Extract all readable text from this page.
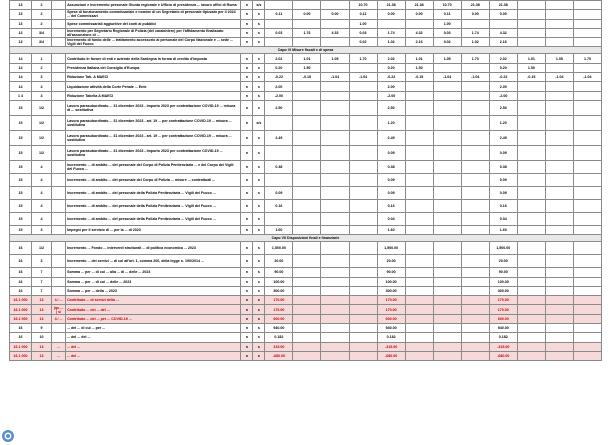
13	2		Assunzioni e incremento personale Giunta regionale e Ufficio di presidenza ... lavoro uffici di Roma	n	s/s				10.70	21.38	21.38	10.70	21.38	21.38			
13	2		Spese di funzionamento commissariale e nomine di un Segretario di personale tipizzato per il 2024 ... dei Commissari	n	s	0.11	0.00	0.00	0.11	0.00	0.00	0.11	0.00	0.00			
13	2		Spese commissariali aggiuntive del conti ai pubblici	n	s				1.00			1.00					
13	3/4		Incremento per Segretario Regionale di Polizia (del carabiniere) per l'affidamento finalizzato all'assunzione di ...	n	s	0.03	1.76	4.33	0.03	1.74	4.32	0.03	1.74	4.32			
13	3/4		Incremento di fondo delle ... trattamento accessorio al personale del Corpo Nazionale e ... sede ... Vigili del Fuoco	n	s				0.02	1.02	2.16	0.02	1.02	2.16			
Capo VI Misure fiscali e di spesa																	
14	1		Contributo in favore di enti e aziende della Sardegna in forma di credito d'imposta	n	s	2.02	1.01	1.05	1.70	2.02	1.01	1.05	1.70	2.02	1.01	1.05	1.70
14	2		Presidenza Italiana del Consiglio d'Europa	n	s	0.20	1.50			0.20	1.50			0.20	1.50		
14	3		Riduzione Tab. A MAECI	n	s	-0.22	-0.15	-1.04	-1.04	-0.22	-0.15	-1.04	-1.04	-0.22	-0.15	-1.04	-1.04
14	4		Liquidazione attività della Corte Penale ... Ente	n	s	2.00				2.00				2.00			
1 4	4		Riduzione Tabella A MAECI	n	s	-2.00				-2.00				-2.00			
15	1/2		Lavoro parasubordinato ... 31 dicembre 2023 - Importo 2023 per contrattazione COVID-19 ... misura di ... sostitutiva	n	s	2.50				2.50				2.50			
15	1/2		Lavoro parasubordinato ... 31 dicembre 2023 - art. 19 ... per contrattazione COVID-19 ... misura ... sostitutiva	n	s/s					1.20				1.20			
15	1/2		Lavoro parasubordinato ... 31 dicembre 2023 - art. 19 ... per contrattazione COVID-19 ... misura ... sostitutiva	n	s	2.49				2.49				2.49			
15	1/2		Lavoro parasubordinato ... 31 dicembre 2023 - Importo 2023 per contrattazione COVID-19 ... sostitutiva	n	s					0.09				0.09			
15	4		Incremento ... di ambito ... del personale del Corpo di Polizia Penitenziaria ... e del Corpo dei Vigili del Fuoco ...	n	s	0.38				0.38				0.38			
15	4		Incremento ... di ambito ... del personale del Corpo di Polizia ... misure ... contrattuali ...	n	s					0.09				0.09			
15	4		Incremento ... di ambito ... del personale della Polizia Penitenziaria ... Vigili del Fuoco ...	n	s	0.09				0.09				0.09			
15	4		Incremento ... di ambito ... del personale della Polizia Penitenziaria ... Vigili del Fuoco ...	n	s	0.16				0.16				0.16			
15	4		Incremento ... di ambito ... del personale della Polizia Penitenziaria ... Vigili del Fuoco ...	n	s					0.04				0.04			
15	3		Impegni per il servizio di ... per la ... di 2023	n	s	1.60				1.60				1.60			
Capo VII Disposizioni finali e finanziarie																	
16	1/2		Incremento ... Fondo ... interventi strutturali ... di politica economica ... 2023	n	s	1,500.00				1,500.00				1,500.00			
16	3		Incremento ... dei servizi ... di cui all'art. 1, comma 200, della legge n. 190/2014 ...	n	s	20.00				20.00				20.00			
16	7		Somma ... per ... di cui ... alla ... di ... delle ... 2023	n	s	90.00				90.00				90.00			
16	7		Somma ... per ... di cui ... delle ... 2023	n	s	100.00				100.00				100.00			
16	7		Somma ... per ... della ... 2023	n	s	300.00				300.00				300.00			
16.1 000	13	4 / ...	Contributo ... di servizi della ...	n	s	170.00				170.00				170.00			
16.1 000	13	(qu ... ) s/	Contributo ... dei ... del ...	n	s	170.00				170.00				170.00			
16.1 000	13	4 / ...	Contributo ... dei ... per ... COVID-19 ...	n	s	600.00				600.00				600.00			
16	9		... del ... di cui ... per ...	n	s	940.00				940.00				940.00			
16	10		... del ... del ...	n	s	0.182				0.182				0.182			
16.1 000	13	...	... del ...	n	s	315.00				-315.00				-315.00			
16.1 000	13	...	... del ...	n	s	-680.00				-680.00				-680.00			
